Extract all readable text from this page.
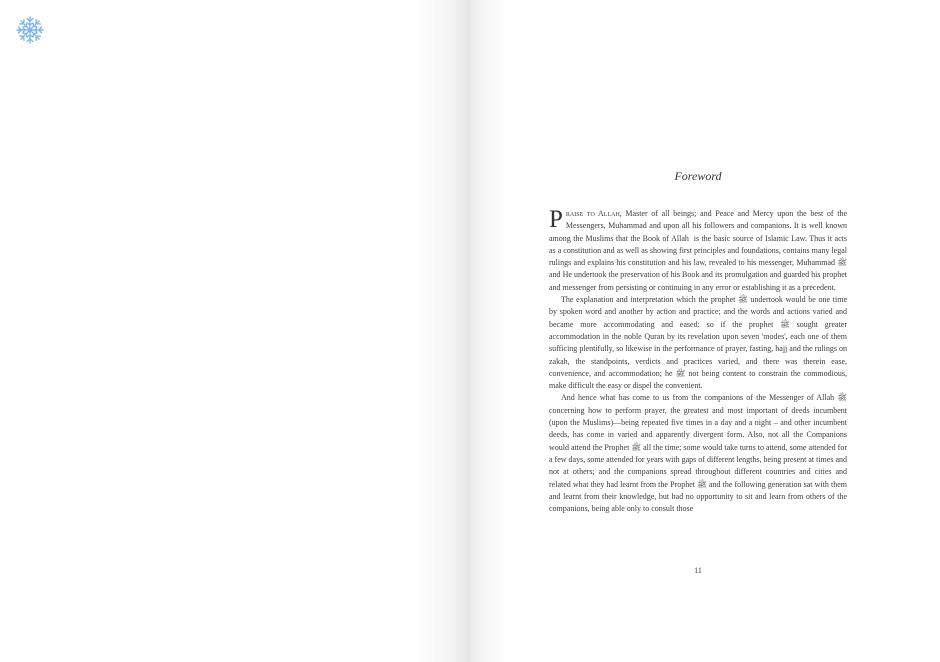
Foreword

Praise to Allah, Master of all beings; and Peace and Mercy upon the best of the Messengers, Muhammad and upon all his followers and companions. It is well known among the Muslims that the Book of Allah ‎ is the basic source of Islamic Law. Thus it acts as a constitution and as well as showing first principles and foundations, contains many legal rulings and explains his constitution and his law, revealed to his messenger, Muhammad ﷺ and He undertook the preservation of his Book and its promulgation and guarded his prophet and messenger from persisting or continuing in any error or establishing it as a precedent.

The explanation and interpretation which the prophet ﷺ undertook would be one time by spoken word and another by action and practice; and the words and actions varied and became more accommodating and eased: so if the prophet ﷺ sought greater accommodation in the noble Quran by its revelation upon seven 'modes', each one of them sufficing plentifully, so likewise in the performance of prayer, fasting, hajj and the rulings on zakah, the standpoints, verdicts and practices varied, and there was therein ease, convenience, and accommodation; he ﷺ not being content to constrain the commodious, make difficult the easy or dispel the convenient.

And hence what has come to us from the companions of the Messenger of Allah ﷺ concerning how to perform prayer, the greatest and most important of deeds incumbent (upon the Muslims)—being repeated five times in a day and a night – and other incumbent deeds, has come in varied and apparently divergent form. Also, not all the Companions would attend the Prophet ﷺ all the time; some would take turns to attend, some attended for a few days, some attended for years with gaps of different lengths, being present at times and not at others; and the companions spread throughout different countries and cities and related what they had learnt from the Prophet ﷺ and the following generation sat with them and learnt from their knowledge, but had no opportunity to sit and learn from others of the companions, being able only to consult those

11
